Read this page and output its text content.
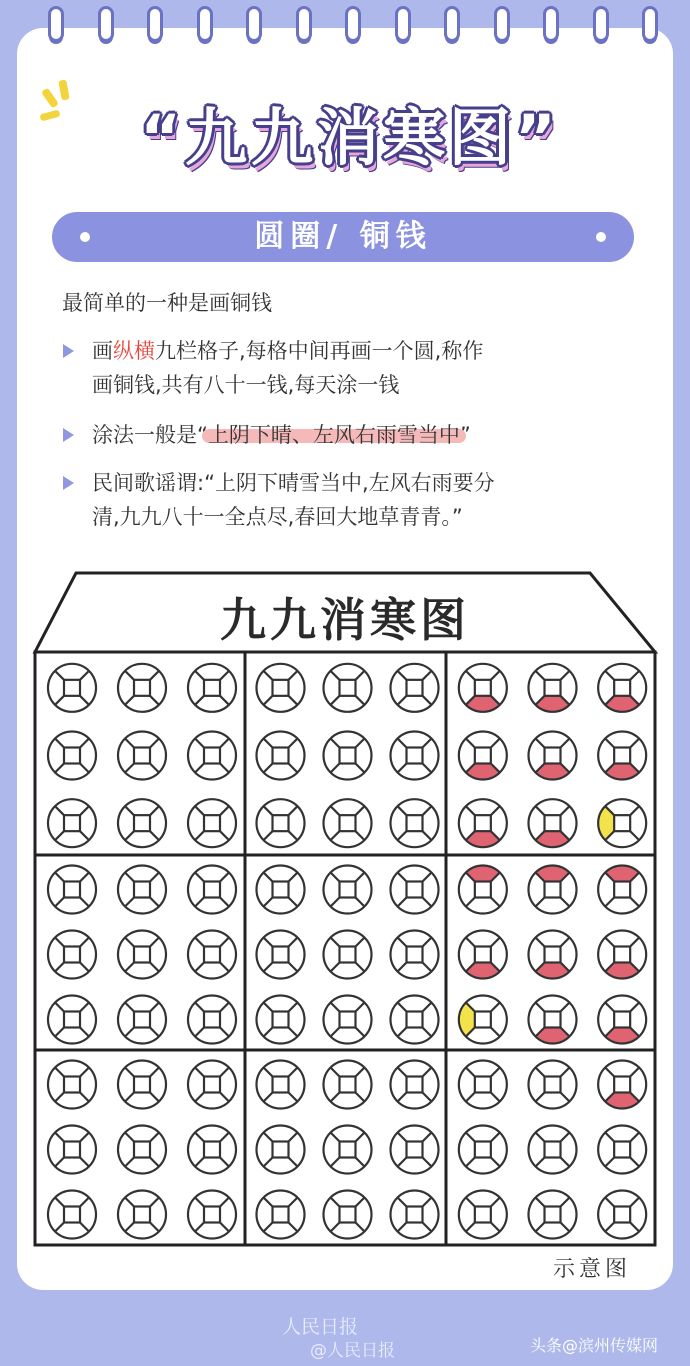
“九九消寒图”
圆圈/ 铜钱
最简单的一种是画铜钱
画纵横九栏格子,每格中间再画一个圆,称作
画铜钱,共有八十一钱,每天涂一钱
涂法一般是“上阴下晴、左风右雨雪当中”
民间歌谣谓:“上阴下晴雪当中,左风右雨要分
清,九九八十一全点尽,春回大地草青青。”
九九消寒图
示意图
人民日报
@人民日报	头条@滨州传媒网
